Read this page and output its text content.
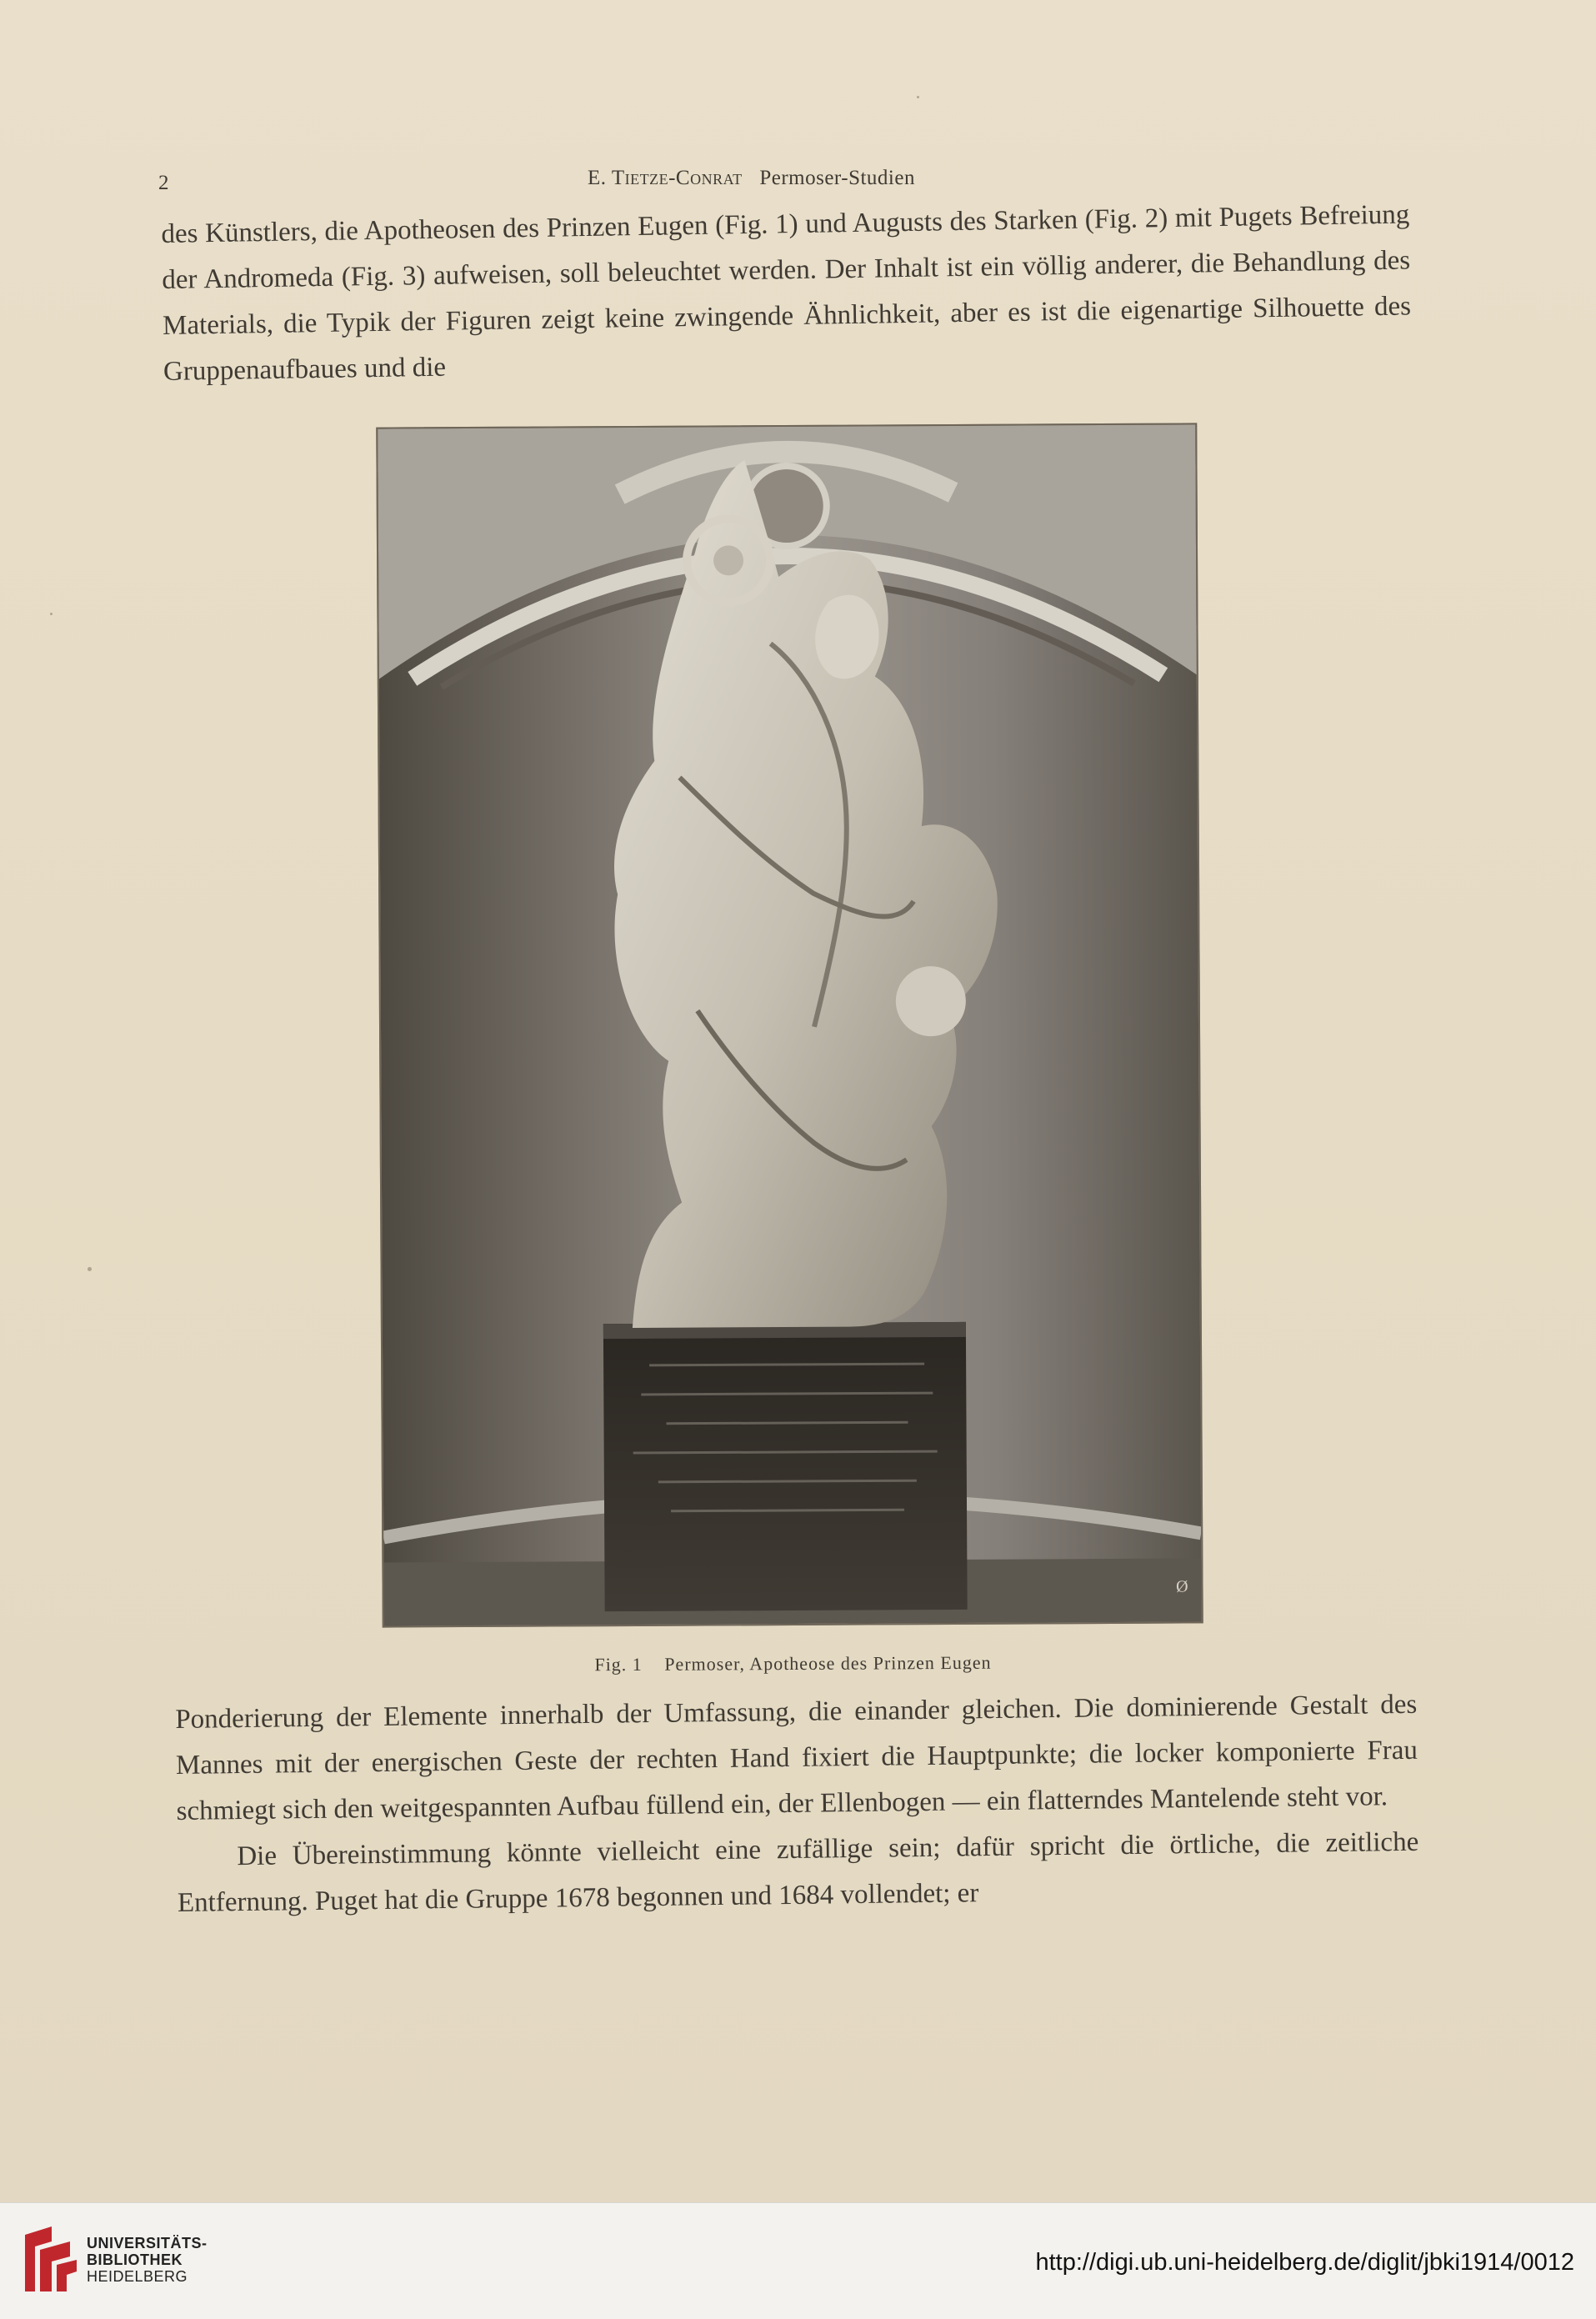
2	E. Tietze-Conrat Permoser-Studien

des Künstlers, die Apotheosen des Prinzen Eugen (Fig. 1) und Augusts des Starken (Fig. 2) mit Pugets Befreiung der Andromeda (Fig. 3) aufweisen, soll beleuchtet werden. Der Inhalt ist ein völlig anderer, die Behandlung des Materials, die Typik der Figuren zeigt keine zwingende Ähnlichkeit, aber es ist die eigenartige Silhouette des Gruppenaufbaues und die

Ø
Fig. 1 Permoser, Apotheose des Prinzen Eugen

Ponderierung der Elemente innerhalb der Umfassung, die einander gleichen. Die dominierende Gestalt des Mannes mit der energischen Geste der rechten Hand fixiert die Hauptpunkte; die locker komponierte Frau schmiegt sich den weitgespannten Aufbau füllend ein, der Ellenbogen — ein flatterndes Mantelende steht vor.

Die Übereinstimmung könnte vielleicht eine zufällige sein; dafür spricht die örtliche, die zeitliche Entfernung. Puget hat die Gruppe 1678 begonnen und 1684 vollendet; er

UNIVERSITÄTS-
BIBLIOTHEK
HEIDELBERG
http://digi.ub.uni-heidelberg.de/diglit/jbki1914/0012
